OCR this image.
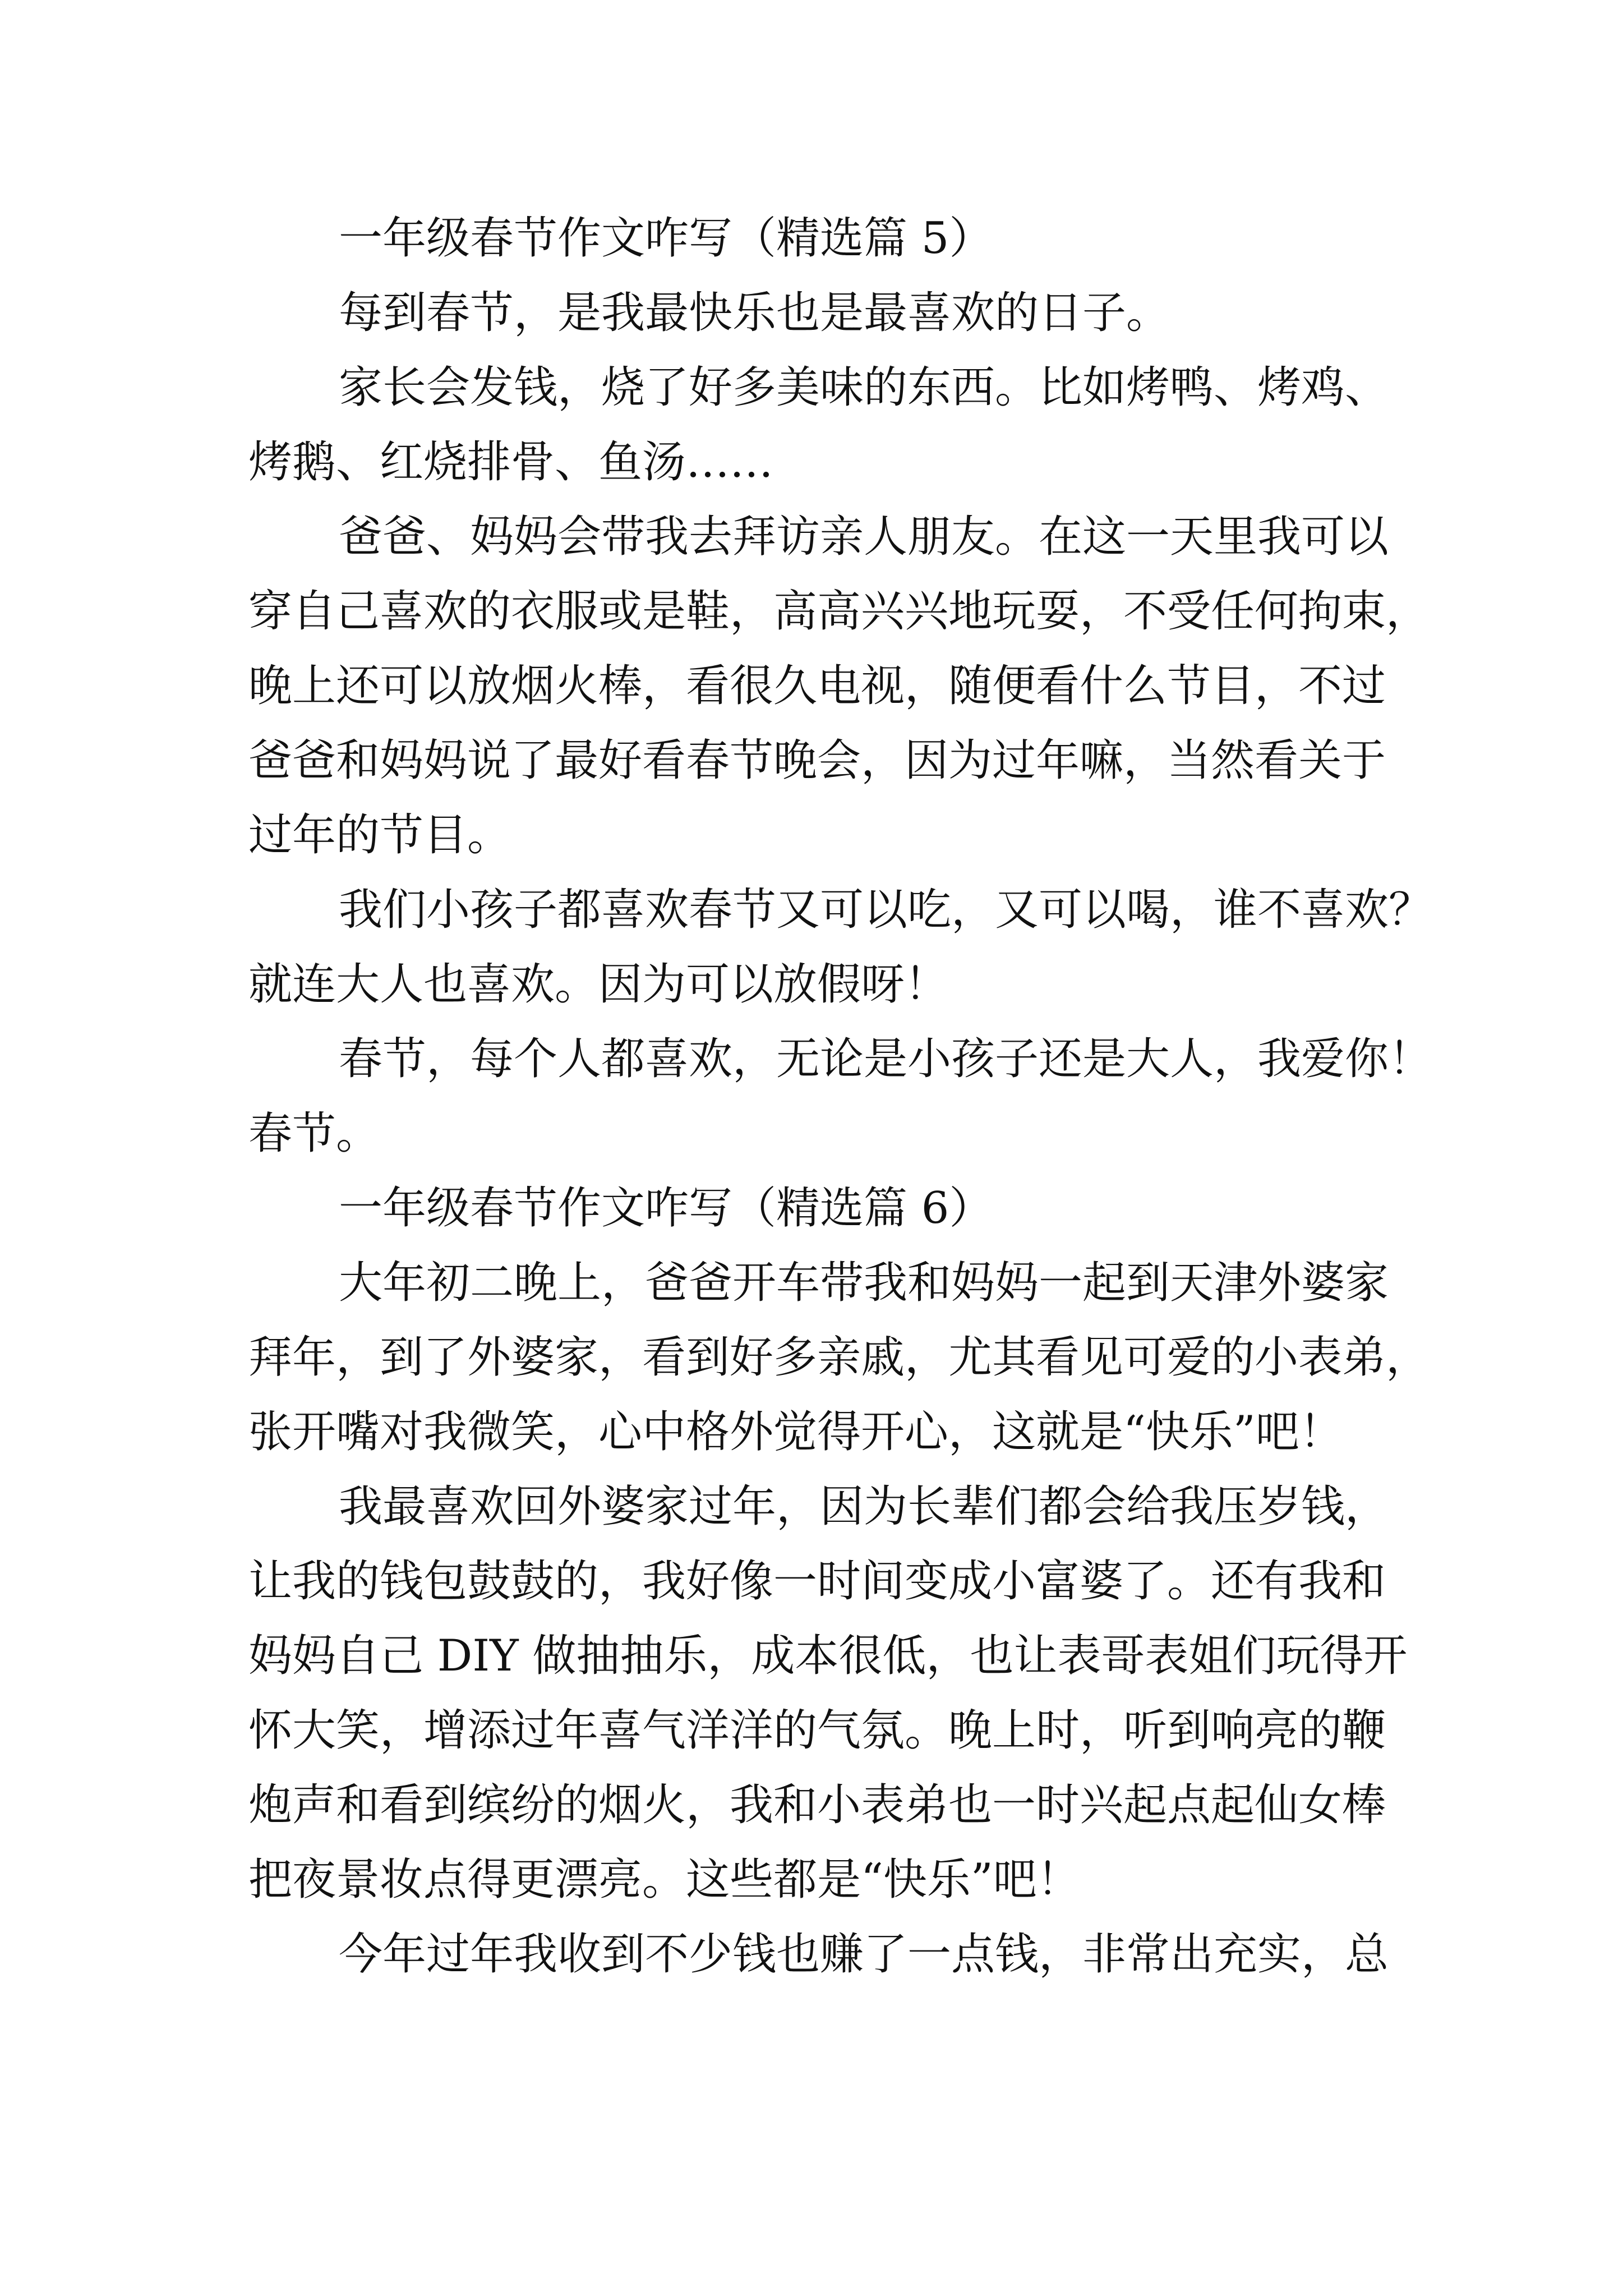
一年级春节作文咋写（精选篇 5）
每到春节，是我最快乐也是最喜欢的日子。
家长会发钱，烧了好多美味的东西。比如烤鸭、烤鸡、
烤鹅、红烧排骨、鱼汤……
爸爸、妈妈会带我去拜访亲人朋友。在这一天里我可以
穿自己喜欢的衣服或是鞋，高高兴兴地玩耍，不受任何拘束，
晚上还可以放烟火棒，看很久电视，随便看什么节目，不过
爸爸和妈妈说了最好看春节晚会，因为过年嘛，当然看关于
过年的节目。
我们小孩子都喜欢春节又可以吃，又可以喝，谁不喜欢？
就连大人也喜欢。因为可以放假呀！
春节，每个人都喜欢，无论是小孩子还是大人，我爱你！
春节。
一年级春节作文咋写（精选篇 6）
大年初二晚上，爸爸开车带我和妈妈一起到天津外婆家
拜年，到了外婆家，看到好多亲戚，尤其看见可爱的小表弟，
张开嘴对我微笑，心中格外觉得开心，这就是“快乐”吧！
我最喜欢回外婆家过年，因为长辈们都会给我压岁钱，
让我的钱包鼓鼓的，我好像一时间变成小富婆了。还有我和
妈妈自己 DIY 做抽抽乐，成本很低，也让表哥表姐们玩得开
怀大笑，增添过年喜气洋洋的气氛。晚上时，听到响亮的鞭
炮声和看到缤纷的烟火，我和小表弟也一时兴起点起仙女棒
把夜景妆点得更漂亮。这些都是“快乐”吧！
今年过年我收到不少钱也赚了一点钱，非常出充实，总
